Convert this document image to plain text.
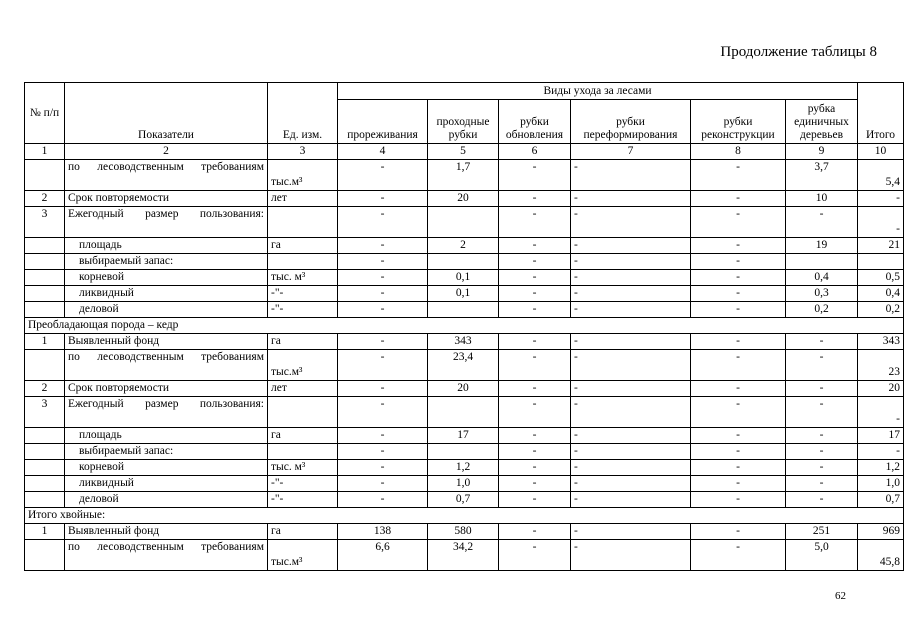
Продолжение таблицы 8
№ п/п	Показатели	Ед. изм.	Виды ухода за лесами						Итого
			прореживания	проходные рубки	рубки обновления	рубки переформирования	рубки реконструкции	рубка единичных деревьев	
1	2	3	4	5	6	7	8	9	10
	по лесоводственным требованиям	тыс.м³	-	1,7	-	-	-	3,7	5,4
2	Срок повторяемости	лет	-	20	-	-	-	10	-
3	Ежегодный размер пользования:		-		-	-	-	-	-
	площадь	га	-	2	-	-	-	19	21
	выбираемый запас:		-		-	-	-		
	корневой	тыс. м³	-	0,1	-	-	-	0,4	0,5
	ликвидный	-"-	-	0,1	-	-	-	0,3	0,4
	деловой	-"-	-		-	-	-	0,2	0,2
Преобладающая порода – кедр									
1	Выявленный фонд	га	-	343	-	-	-	-	343
	по лесоводственным требованиям	тыс.м³	-	23,4	-	-	-	-	23
2	Срок повторяемости	лет	-	20	-	-	-	-	20
3	Ежегодный размер пользования:		-		-	-	-	-	-
	площадь	га	-	17	-	-	-	-	17
	выбираемый запас:		-		-	-	-	-	-
	корневой	тыс. м³	-	1,2	-	-	-	-	1,2
	ликвидный	-"-	-	1,0	-	-	-	-	1,0
	деловой	-"-	-	0,7	-	-	-	-	0,7
Итого хвойные:									
1	Выявленный фонд	га	138	580	-	-	-	251	969
	по лесоводственным требованиям	тыс.м³	6,6	34,2	-	-	-	5,0	45,8
62
